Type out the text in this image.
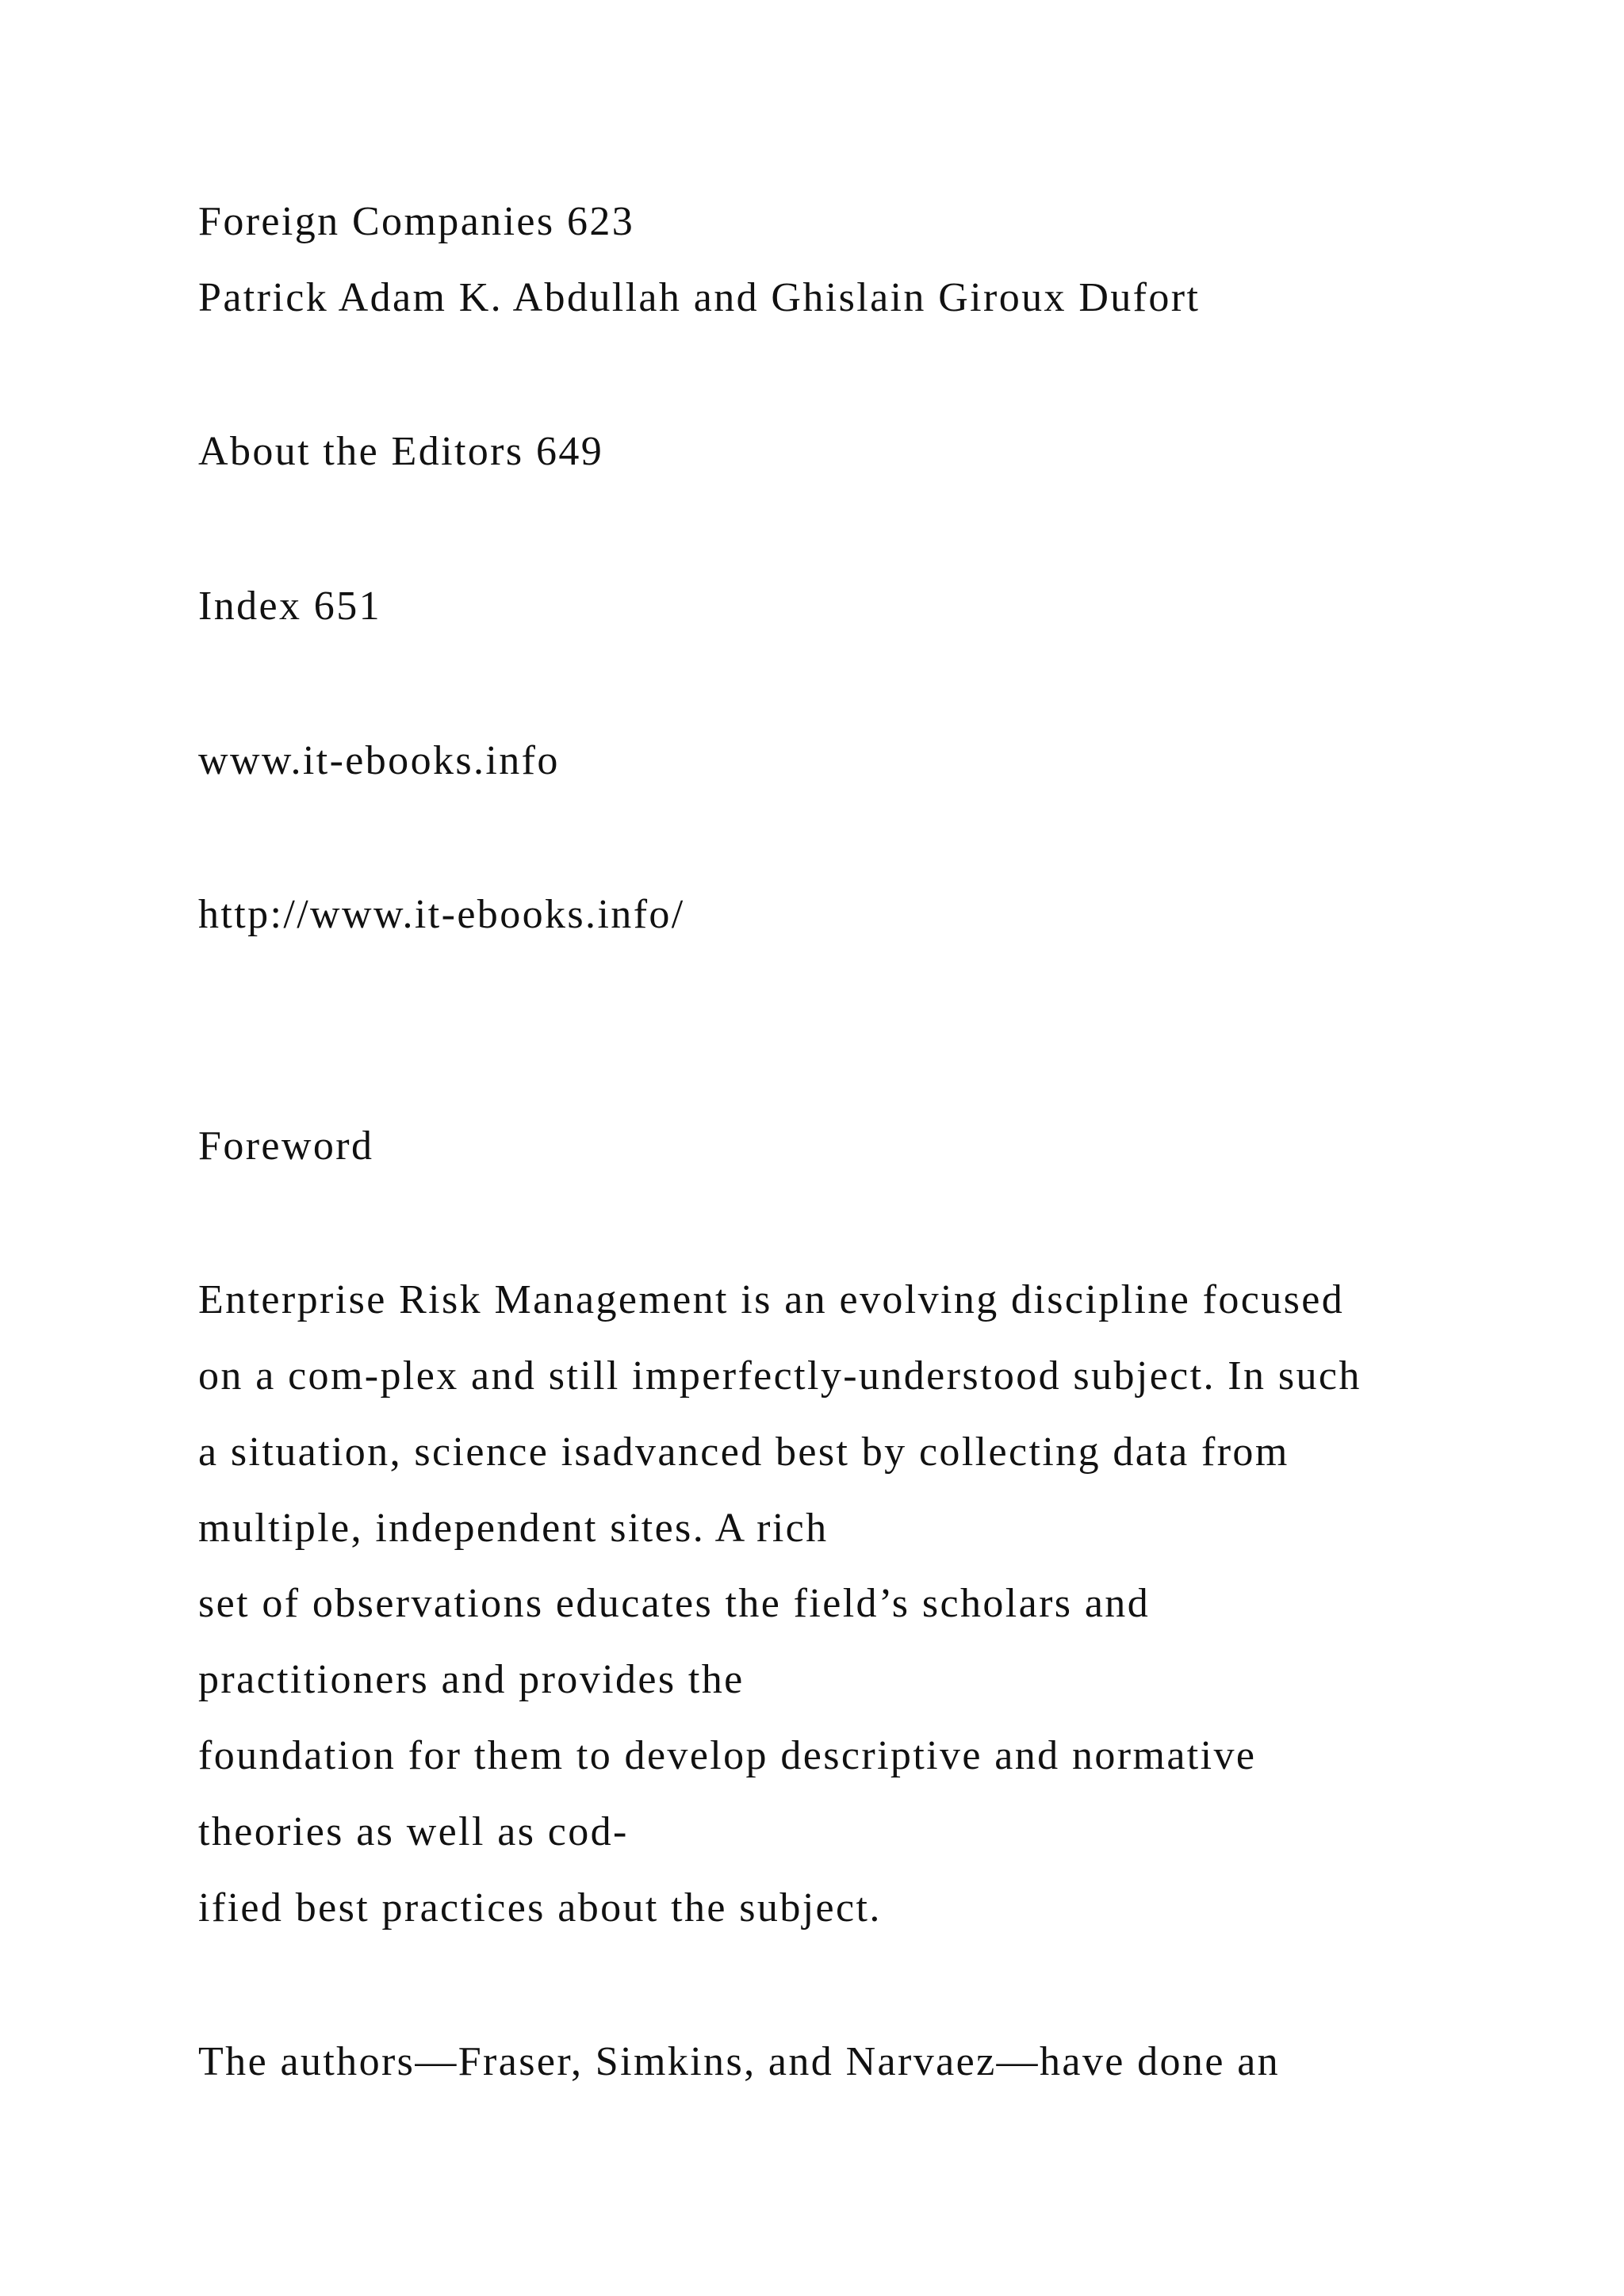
Foreign Companies 623
Patrick Adam K. Abdullah and Ghislain Giroux Dufort
About the Editors 649
Index 651
www.it-ebooks.info
http://www.it-ebooks.info/
Foreword
Enterprise Risk Management is an evolving discipline focused
on a com-plex and still imperfectly-understood subject. In such
a situation, science isadvanced best by collecting data from
multiple, independent sites. A rich
set of observations educates the field’s scholars and
practitioners and provides the
foundation for them to develop descriptive and normative
theories as well as cod-
ified best practices about the subject.
The authors—Fraser, Simkins, and Narvaez—have done an
